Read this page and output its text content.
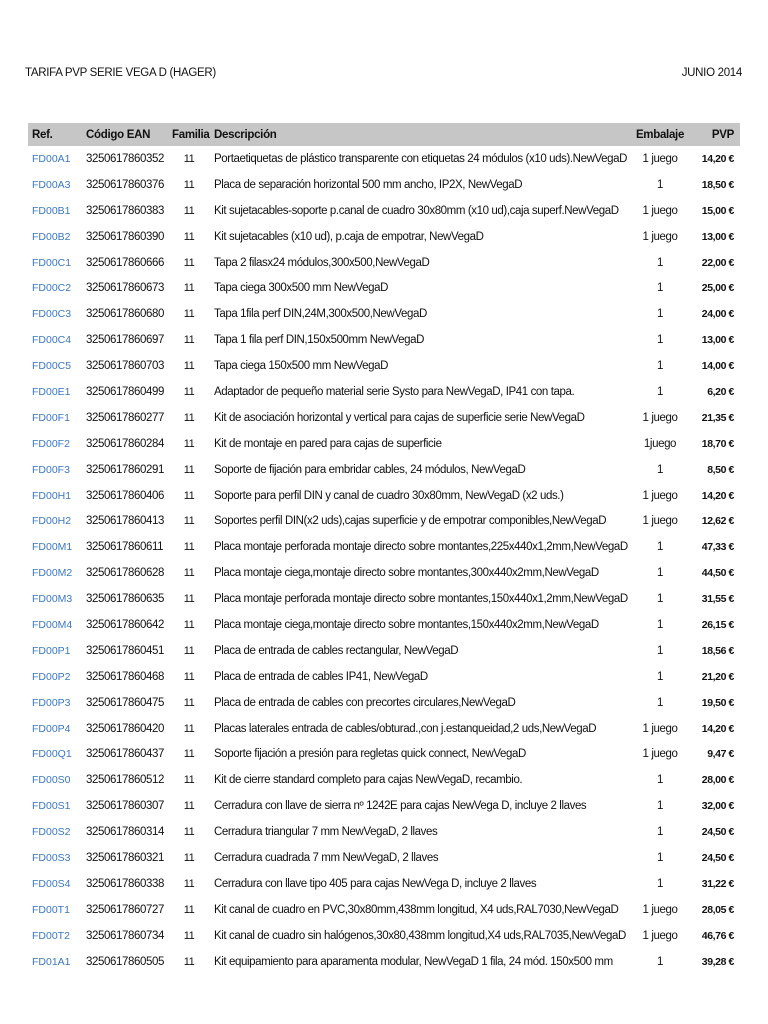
TARIFA PVP SERIE VEGA D (HAGER)	JUNIO 2014
Ref.	Código EAN	Familia	Descripción	Embalaje	PVP
FD00A1	3250617860352	11	Portaetiquetas de plástico transparente con etiquetas 24 módulos (x10 uds).NewVegaD	1 juego	14,20 €
FD00A3	3250617860376	11	Placa de separación horizontal 500 mm ancho, IP2X, NewVegaD	1	18,50 €
FD00B1	3250617860383	11	Kit sujetacables-soporte p.canal de cuadro 30x80mm (x10 ud),caja superf.NewVegaD	1 juego	15,00 €
FD00B2	3250617860390	11	Kit sujetacables (x10 ud), p.caja de empotrar, NewVegaD	1 juego	13,00 €
FD00C1	3250617860666	11	Tapa 2 filasx24 módulos,300x500,NewVegaD	1	22,00 €
FD00C2	3250617860673	11	Tapa ciega 300x500 mm NewVegaD	1	25,00 €
FD00C3	3250617860680	11	Tapa 1fila perf DIN,24M,300x500,NewVegaD	1	24,00 €
FD00C4	3250617860697	11	Tapa 1 fila perf DIN,150x500mm NewVegaD	1	13,00 €
FD00C5	3250617860703	11	Tapa ciega 150x500 mm NewVegaD	1	14,00 €
FD00E1	3250617860499	11	Adaptador de pequeño material serie Systo para NewVegaD, IP41 con tapa.	1	6,20 €
FD00F1	3250617860277	11	Kit de asociación horizontal y vertical para cajas de superficie serie NewVegaD	1 juego	21,35 €
FD00F2	3250617860284	11	Kit de montaje en pared para cajas de superficie	1juego	18,70 €
FD00F3	3250617860291	11	Soporte de fijación para embridar cables, 24 módulos, NewVegaD	1	8,50 €
FD00H1	3250617860406	11	Soporte para perfil DIN y canal de cuadro 30x80mm, NewVegaD (x2 uds.)	1 juego	14,20 €
FD00H2	3250617860413	11	Soportes perfil DIN(x2 uds),cajas superficie y de empotrar componibles,NewVegaD	1 juego	12,62 €
FD00M1	3250617860611	11	Placa montaje perforada montaje directo sobre montantes,225x440x1,2mm,NewVegaD	1	47,33 €
FD00M2	3250617860628	11	Placa montaje ciega,montaje directo sobre montantes,300x440x2mm,NewVegaD	1	44,50 €
FD00M3	3250617860635	11	Placa montaje perforada montaje directo sobre montantes,150x440x1,2mm,NewVegaD	1	31,55 €
FD00M4	3250617860642	11	Placa montaje ciega,montaje directo sobre montantes,150x440x2mm,NewVegaD	1	26,15 €
FD00P1	3250617860451	11	Placa de entrada de cables rectangular, NewVegaD	1	18,56 €
FD00P2	3250617860468	11	Placa de entrada de cables IP41, NewVegaD	1	21,20 €
FD00P3	3250617860475	11	Placa de entrada de cables con precortes circulares,NewVegaD	1	19,50 €
FD00P4	3250617860420	11	Placas laterales entrada de cables/obturad.,con j.estanqueidad,2 uds,NewVegaD	1 juego	14,20 €
FD00Q1	3250617860437	11	Soporte fijación a presión para regletas quick connect, NewVegaD	1 juego	9,47 €
FD00S0	3250617860512	11	Kit de cierre standard completo para cajas NewVegaD, recambio.	1	28,00 €
FD00S1	3250617860307	11	Cerradura con llave de sierra nº 1242E para cajas NewVega D, incluye 2 llaves	1	32,00 €
FD00S2	3250617860314	11	Cerradura triangular 7 mm NewVegaD, 2 llaves	1	24,50 €
FD00S3	3250617860321	11	Cerradura cuadrada 7 mm NewVegaD, 2 llaves	1	24,50 €
FD00S4	3250617860338	11	Cerradura con llave tipo 405 para cajas NewVega D, incluye 2 llaves	1	31,22 €
FD00T1	3250617860727	11	Kit canal de cuadro en PVC,30x80mm,438mm longitud, X4 uds,RAL7030,NewVegaD	1 juego	28,05 €
FD00T2	3250617860734	11	Kit canal de cuadro sin halógenos,30x80,438mm longitud,X4 uds,RAL7035,NewVegaD	1 juego	46,76 €
FD01A1	3250617860505	11	Kit equipamiento para aparamenta modular, NewVegaD 1 fila, 24 mód. 150x500 mm	1	39,28 €
